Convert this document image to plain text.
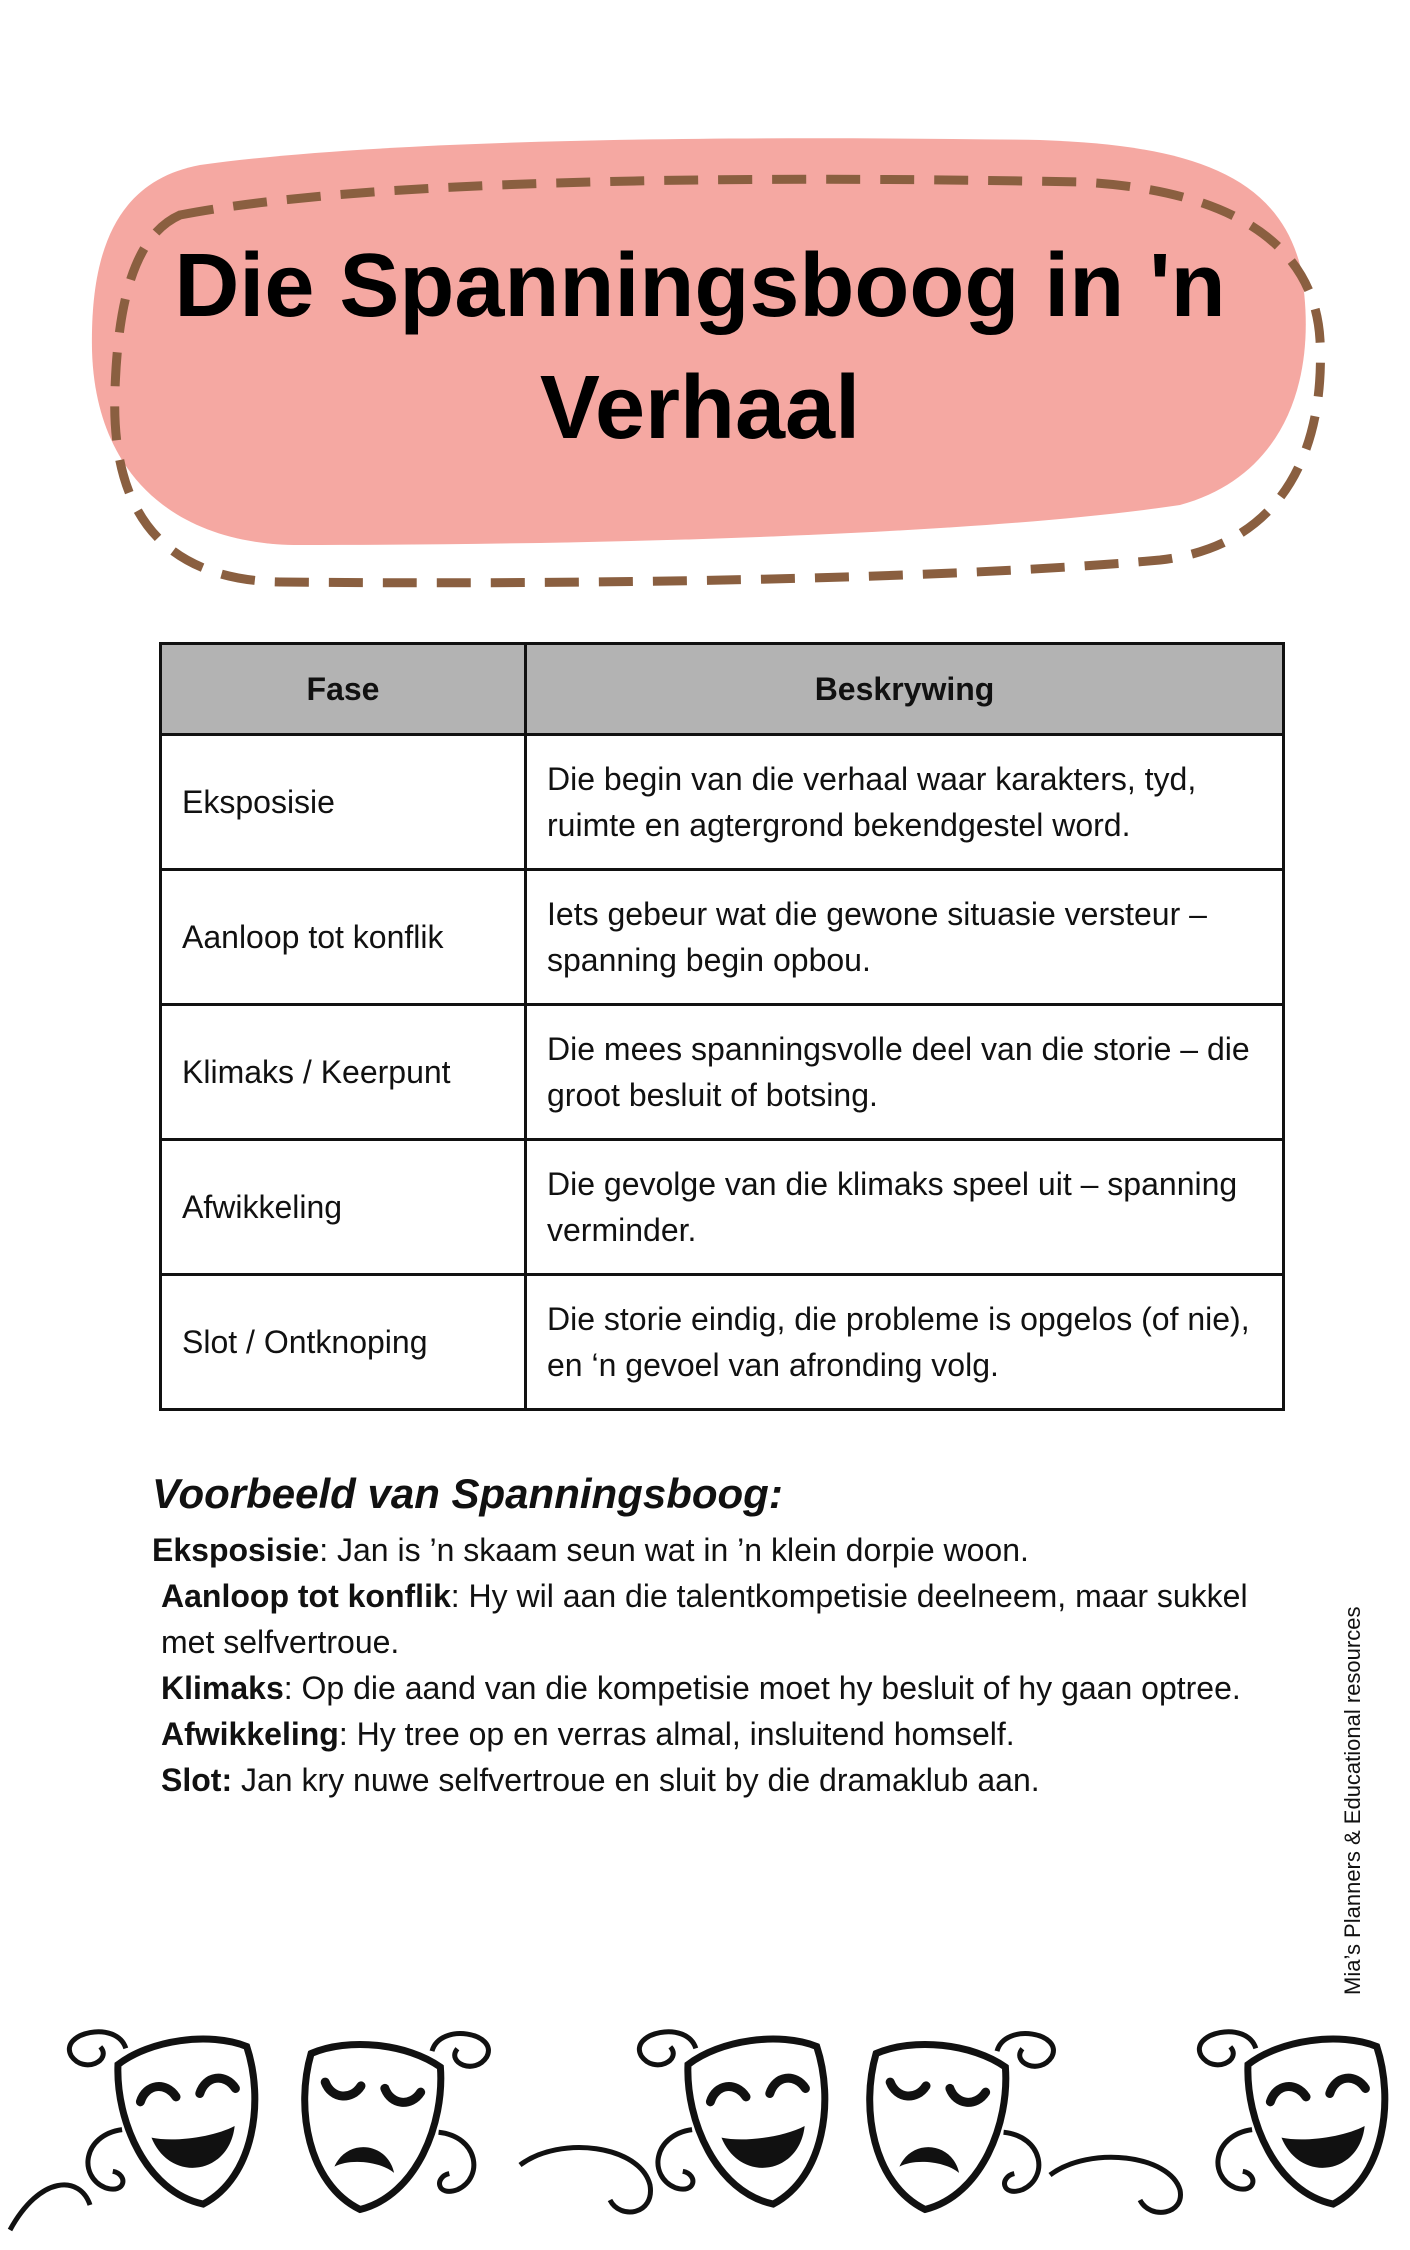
Die Spanningsboog in 'n Verhaal
Fase	Beskrywing
Eksposisie	Die begin van die verhaal waar karakters, tyd, ruimte en agtergrond bekendgestel word.
Aanloop tot konflik	Iets gebeur wat die gewone situasie versteur – spanning begin opbou.
Klimaks / Keerpunt	Die mees spanningsvolle deel van die storie – die groot besluit of botsing.
Afwikkeling	Die gevolge van die klimaks speel uit – spanning verminder.
Slot / Ontknoping	Die storie eindig, die probleme is opgelos (of nie), en ‘n gevoel van afronding volg.
Voorbeeld van Spanningsboog:

Eksposisie: Jan is ’n skaam seun wat in ’n klein dorpie woon.

Aanloop tot konflik: Hy wil aan die talentkompetisie deelneem, maar sukkel met selfvertroue.

Klimaks: Op die aand van die kompetisie moet hy besluit of hy gaan optree.

Afwikkeling: Hy tree op en verras almal, insluitend homself.

Slot: Jan kry nuwe selfvertroue en sluit by die dramaklub aan.	Mia’s Planners & Educational resources
